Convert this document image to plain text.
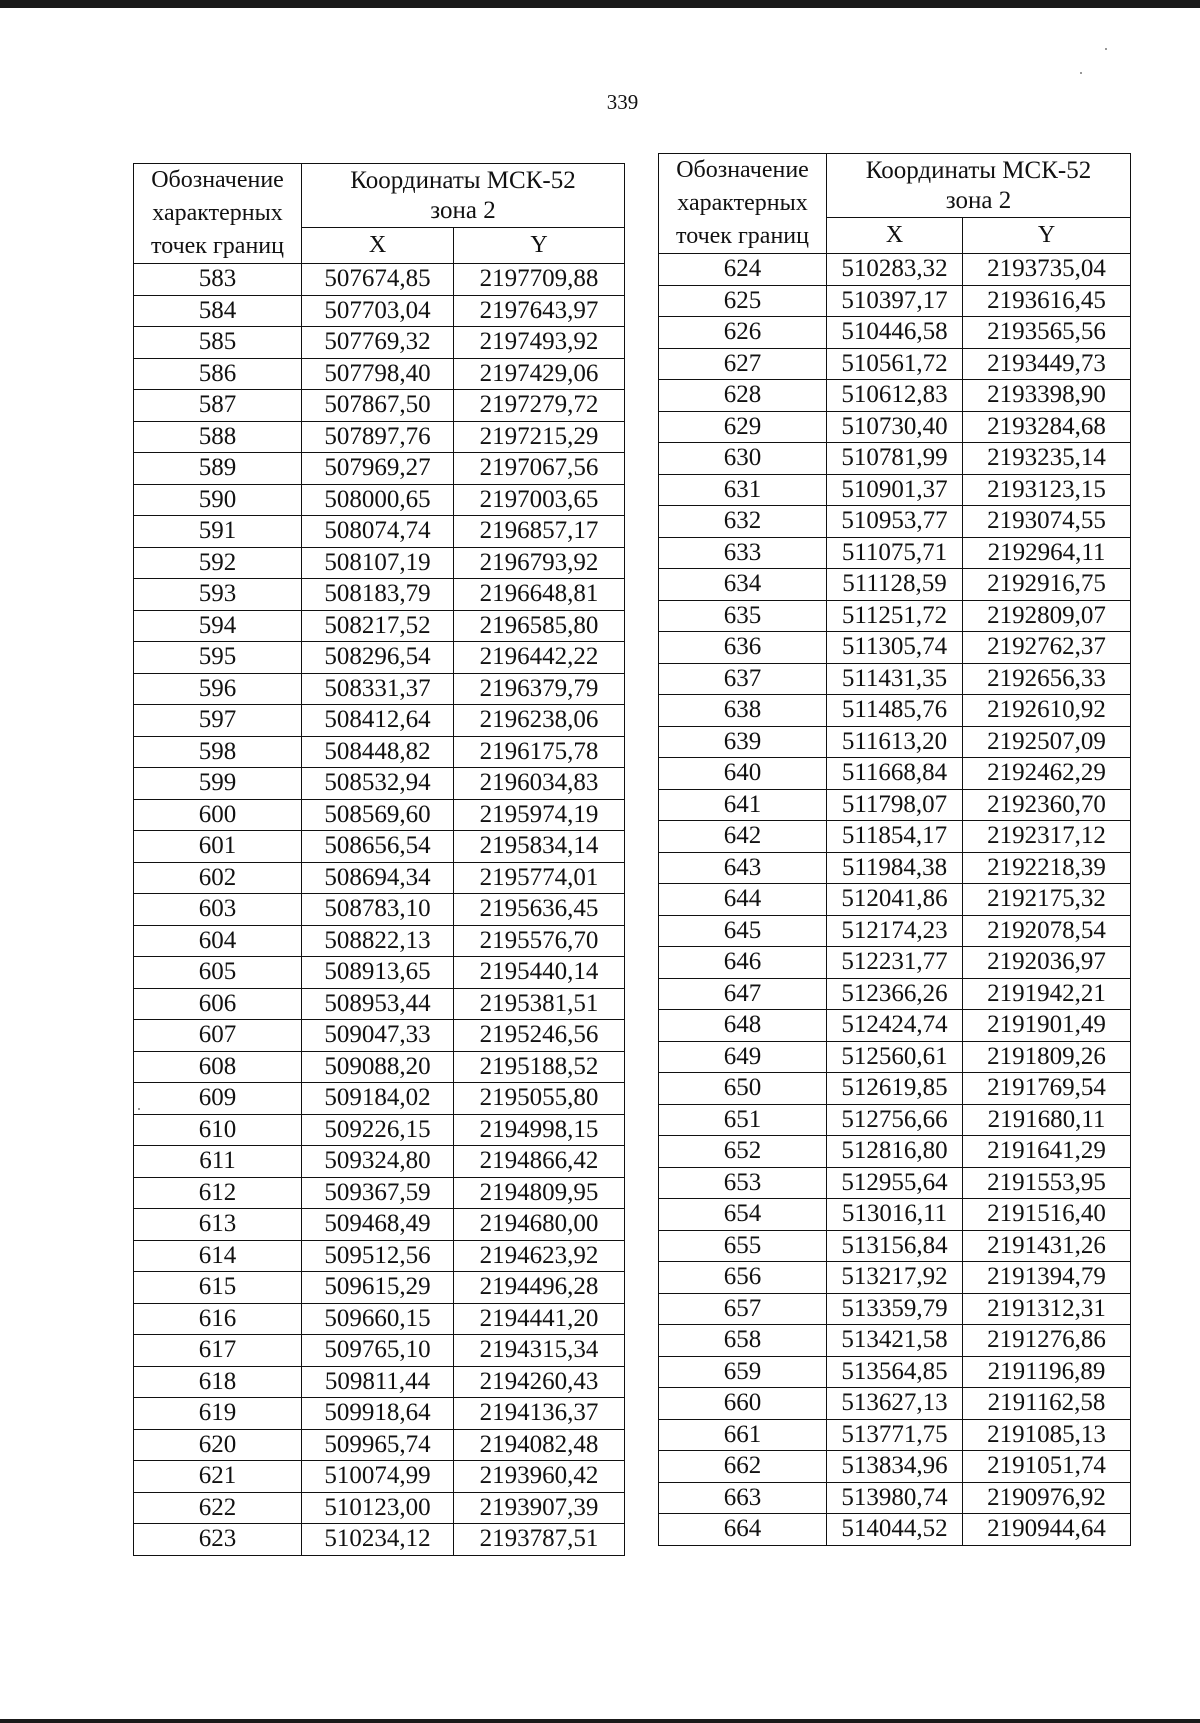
339
Обозначение
характерных
точек границ	Координаты МСК-52
зона 2	

	X	Y
583	507674,85	2197709,88
584	507703,04	2197643,97
585	507769,32	2197493,92
586	507798,40	2197429,06
587	507867,50	2197279,72
588	507897,76	2197215,29
589	507969,27	2197067,56
590	508000,65	2197003,65
591	508074,74	2196857,17
592	508107,19	2196793,92
593	508183,79	2196648,81
594	508217,52	2196585,80
595	508296,54	2196442,22
596	508331,37	2196379,79
597	508412,64	2196238,06
598	508448,82	2196175,78
599	508532,94	2196034,83
600	508569,60	2195974,19
601	508656,54	2195834,14
602	508694,34	2195774,01
603	508783,10	2195636,45
604	508822,13	2195576,70
605	508913,65	2195440,14
606	508953,44	2195381,51
607	509047,33	2195246,56
608	509088,20	2195188,52
609	509184,02	2195055,80
610	509226,15	2194998,15
611	509324,80	2194866,42
612	509367,59	2194809,95
613	509468,49	2194680,00
614	509512,56	2194623,92
615	509615,29	2194496,28
616	509660,15	2194441,20
617	509765,10	2194315,34
618	509811,44	2194260,43
619	509918,64	2194136,37
620	509965,74	2194082,48
621	510074,99	2193960,42
622	510123,00	2193907,39
623	510234,12	2193787,51
Обозначение
характерных
точек границ	Координаты МСК-52
зона 2	

	X	Y
624	510283,32	2193735,04
625	510397,17	2193616,45
626	510446,58	2193565,56
627	510561,72	2193449,73
628	510612,83	2193398,90
629	510730,40	2193284,68
630	510781,99	2193235,14
631	510901,37	2193123,15
632	510953,77	2193074,55
633	511075,71	2192964,11
634	511128,59	2192916,75
635	511251,72	2192809,07
636	511305,74	2192762,37
637	511431,35	2192656,33
638	511485,76	2192610,92
639	511613,20	2192507,09
640	511668,84	2192462,29
641	511798,07	2192360,70
642	511854,17	2192317,12
643	511984,38	2192218,39
644	512041,86	2192175,32
645	512174,23	2192078,54
646	512231,77	2192036,97
647	512366,26	2191942,21
648	512424,74	2191901,49
649	512560,61	2191809,26
650	512619,85	2191769,54
651	512756,66	2191680,11
652	512816,80	2191641,29
653	512955,64	2191553,95
654	513016,11	2191516,40
655	513156,84	2191431,26
656	513217,92	2191394,79
657	513359,79	2191312,31
658	513421,58	2191276,86
659	513564,85	2191196,89
660	513627,13	2191162,58
661	513771,75	2191085,13
662	513834,96	2191051,74
663	513980,74	2190976,92
664	514044,52	2190944,64
